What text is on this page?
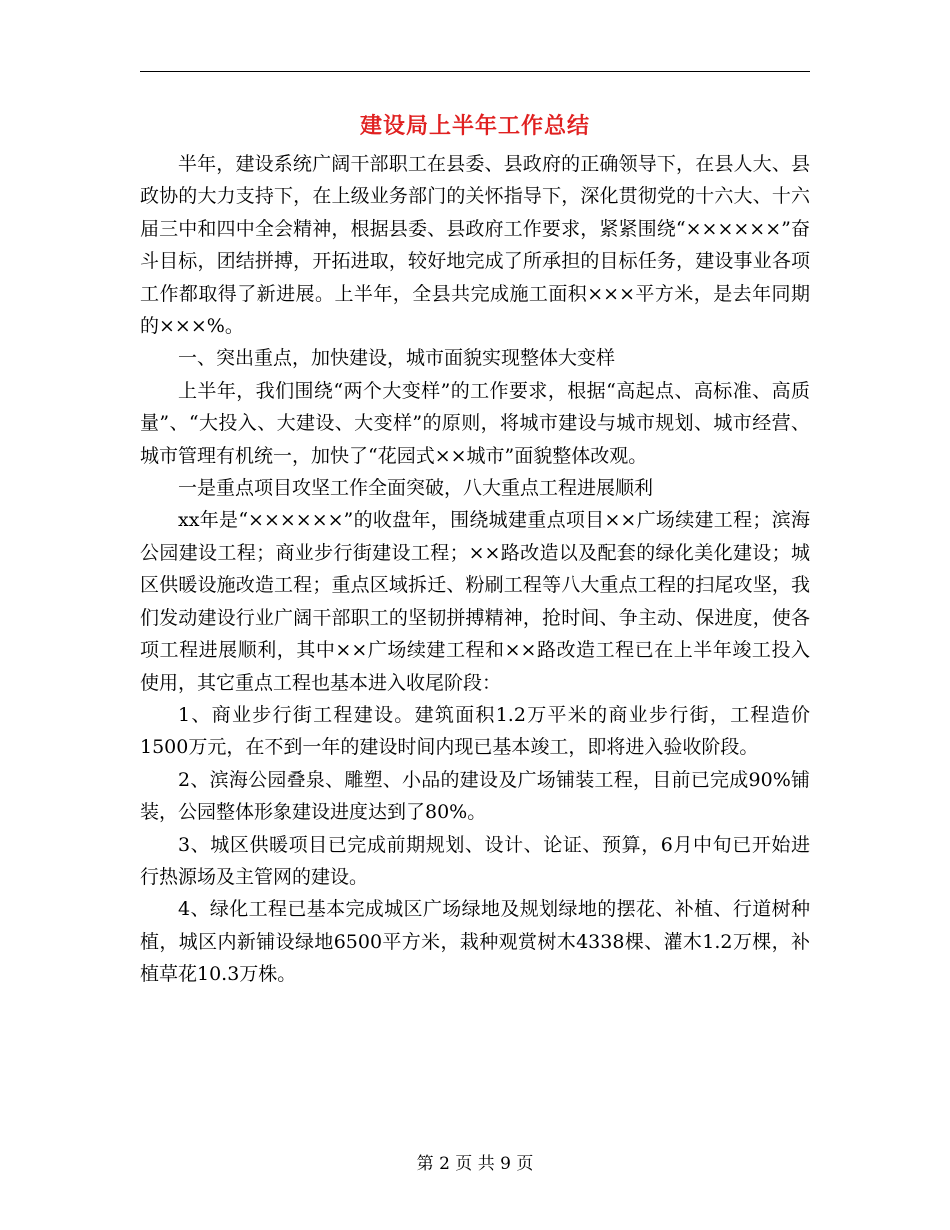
建设局上半年工作总结

半年，建设系统广阔干部职工在县委、县政府的正确领导下，在县人大、县政协的大力支持下，在上级业务部门的关怀指导下，深化贯彻党的十六大、十六届三中和四中全会精神，根据县委、县政府工作要求，紧紧围绕“××××××”奋斗目标，团结拼搏，开拓进取，较好地完成了所承担的目标任务，建设事业各项工作都取得了新进展。上半年，全县共完成施工面积×××平方米，是去年同期的×××%。

一、突出重点，加快建设，城市面貌实现整体大变样

上半年，我们围绕“两个大变样”的工作要求，根据“高起点、高标准、高质量”、“大投入、大建设、大变样”的原则，将城市建设与城市规划、城市经营、城市管理有机统一，加快了“花园式××城市”面貌整体改观。

一是重点项目攻坚工作全面突破，八大重点工程进展顺利

xx年是“××××××”的收盘年，围绕城建重点项目××广场续建工程；滨海公园建设工程；商业步行街建设工程；××路改造以及配套的绿化美化建设；城区供暖设施改造工程；重点区域拆迁、粉刷工程等八大重点工程的扫尾攻坚，我们发动建设行业广阔干部职工的坚韧拼搏精神，抢时间、争主动、保进度，使各项工程进展顺利，其中××广场续建工程和××路改造工程已在上半年竣工投入使用，其它重点工程也基本进入收尾阶段：

1、商业步行街工程建设。建筑面积1.2万平米的商业步行街，工程造价1500万元，在不到一年的建设时间内现已基本竣工，即将进入验收阶段。

2、滨海公园叠泉、雕塑、小品的建设及广场铺装工程，目前已完成90%铺装，公园整体形象建设进度达到了80%。

3、城区供暖项目已完成前期规划、设计、论证、预算，6月中旬已开始进行热源场及主管网的建设。

4、绿化工程已基本完成城区广场绿地及规划绿地的摆花、补植、行道树种植，城区内新铺设绿地6500平方米，栽种观赏树木4338棵、灌木1.2万棵，补植草花10.3万株。

第 2 页 共 9 页
